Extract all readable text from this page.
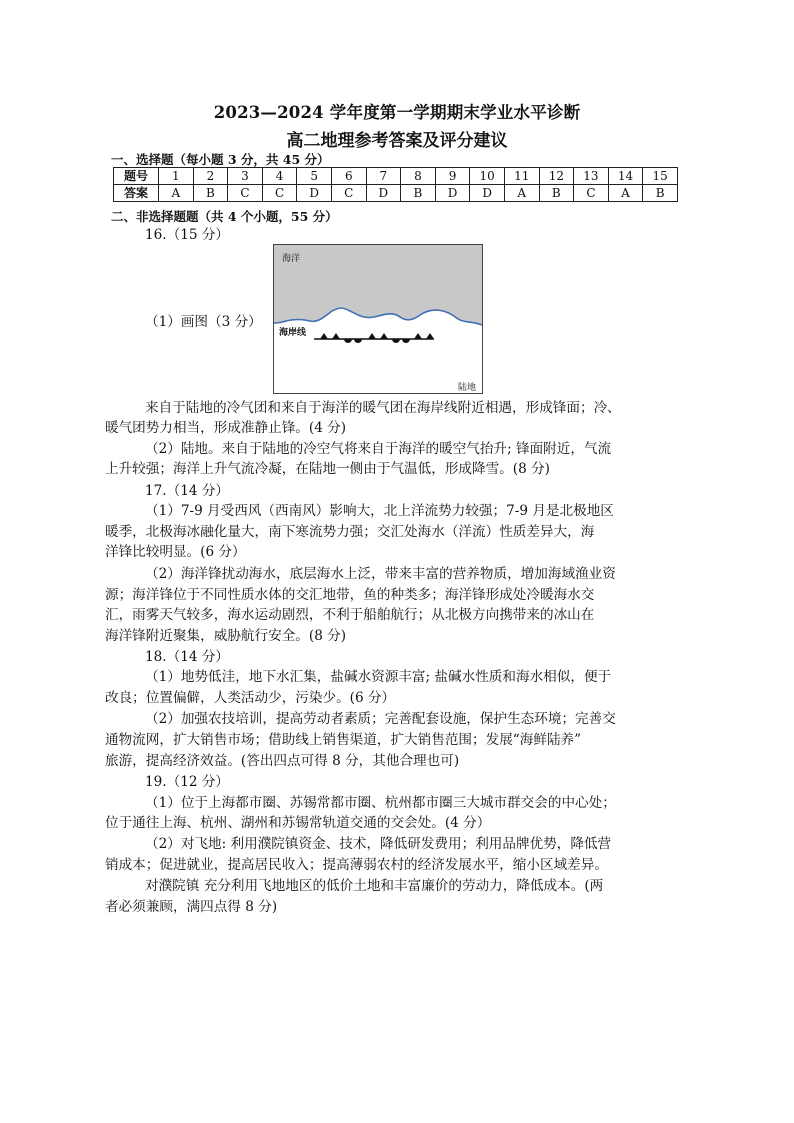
2023—2024 学年度第一学期期末学业水平诊断
高二地理参考答案及评分建议
一、选择题（每小题 3 分，共 45 分）
题号	1	2	3	4	5	6	7	8	9	10	11	12	13	14	15
答案	A	B	C	C	D	C	D	B	D	D	A	B	C	A	B
二、非选择题题（共 4 个小题，55 分）
16.（15 分）
（1）画图（3 分）
海洋
海岸线
陆地
来自于陆地的冷气团和来自于海洋的暖气团在海岸线附近相遇，形成锋面；冷、
暖气团势力相当，形成准静止锋。(4 分)
（2）陆地。来自于陆地的冷空气将来自于海洋的暖空气抬升; 锋面附近，气流
上升较强；海洋上升气流冷凝，在陆地一侧由于气温低，形成降雪。(8 分)
17.（14 分）
（1）7-9 月受西风（西南风）影响大，北上洋流势力较强；7-9 月是北极地区
暖季，北极海冰融化量大，南下寒流势力强；交汇处海水（洋流）性质差异大，海
洋锋比较明显。(6 分）
（2）海洋锋扰动海水，底层海水上泛，带来丰富的营养物质，增加海域渔业资
源；海洋锋位于不同性质水体的交汇地带，鱼的种类多；海洋锋形成处冷暖海水交
汇，雨雾天气较多，海水运动剧烈，不利于船舶航行；从北极方向携带来的冰山在
海洋锋附近聚集，威胁航行安全。(8 分)
18.（14 分）
（1）地势低洼，地下水汇集，盐碱水资源丰富; 盐碱水性质和海水相似，便于
改良；位置偏僻，人类活动少，污染少。(6 分）
（2）加强农技培训，提高劳动者素质；完善配套设施，保护生态环境；完善交
通物流网，扩大销售市场；借助线上销售渠道，扩大销售范围；发展“海鲜陆养”
旅游，提高经济效益。(答出四点可得 8 分，其他合理也可)
19.（12 分）
（1）位于上海都市圈、苏锡常都市圈、杭州都市圈三大城市群交会的中心处；
位于通往上海、杭州、湖州和苏锡常轨道交通的交会处。(4 分）
（2）对飞地: 利用濮院镇资金、技术，降低研发费用；利用品牌优势，降低营
销成本；促进就业，提高居民收入；提高薄弱农村的经济发展水平，缩小区域差异。
对濮院镇 充分利用飞地地区的低价土地和丰富廉价的劳动力，降低成本。(两
者必须兼顾，满四点得 8 分)
